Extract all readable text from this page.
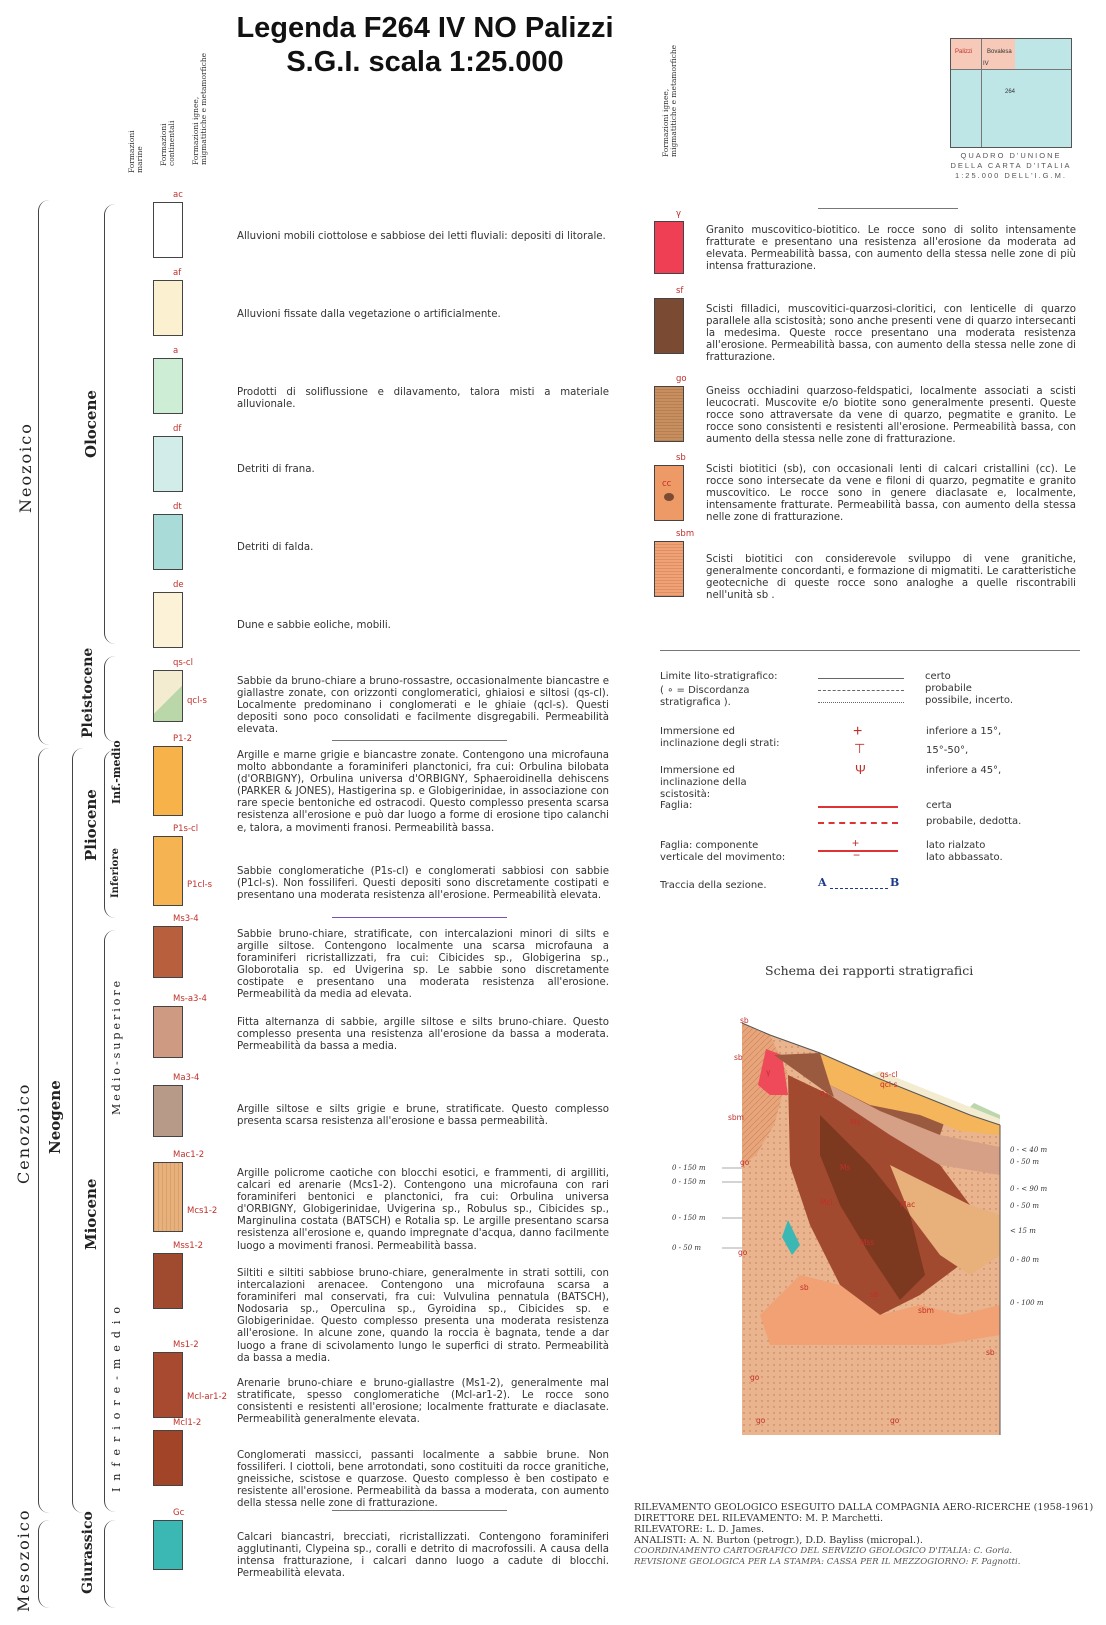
Legenda F264 IV NO Palizzi
S.G.I. scala 1:25.000
Formazioni marine Formazioni continentali Formazioni ignee, migmatitiche e metamorfiche	Formazioni ignee, migmatitiche e metamorfiche
Neozoico
Cenozoico
Mesozoico
Neogene
Olocene
Pleistocene
Pliocene
Inf.-medio
Inferiore
Miocene
Medio-superiore
Inferiore-medio
Giurassico
ac
Alluvioni mobili ciottolose e sabbiose dei letti fluviali: depositi di litorale.
af
Alluvioni fissate dalla vegetazione o artificialmente.
a
Prodotti di soliflussione e dilavamento, talora misti a materiale alluvionale.
df
Detriti di frana.
dt
Detriti di falda.
de
Dune e sabbie eoliche, mobili.
qs-cl
qcl-s
Sabbie da bruno-chiare a bruno-rossastre, occasionalmente biancastre e giallastre zonate, con orizzonti conglomeratici, ghiaiosi e siltosi (qs-cl). Localmente predominano i conglomerati e le ghiaie (qcl-s). Questi depositi sono poco consolidati e facilmente disgregabili. Permeabilità elevata.
P1-2
Argille e marne grigie e biancastre zonate. Contengono una microfauna molto abbondante a foraminiferi planctonici, fra cui: Orbulina bilobata (d'ORBIGNY), Orbulina universa d'ORBIGNY, Sphaeroidinella dehiscens (PARKER & JONES), Hastigerina sp. e Globigerinidae, in associazione con rare specie bentoniche ed ostracodi. Questo complesso presenta scarsa resistenza all'erosione e può dar luogo a forme di erosione tipo calanchi e, talora, a movimenti franosi. Permeabilità bassa.
P1s-cl
P1cl-s
Sabbie conglomeratiche (P1s-cl) e conglomerati sabbiosi con sabbie (P1cl-s). Non fossiliferi. Questi depositi sono discretamente costipati e presentano una moderata resistenza all'erosione. Permeabilità elevata.
Ms3-4
Sabbie bruno-chiare, stratificate, con intercalazioni minori di silts e argille siltose. Contengono localmente una scarsa microfauna a foraminiferi ricristallizzati, fra cui: Cibicides sp., Globigerina sp., Globorotalia sp. ed Uvigerina sp. Le sabbie sono discretamente costipate e presentano una moderata resistenza all'erosione. Permeabilità da media ad elevata.
Ms-a3-4
Fitta alternanza di sabbie, argille siltose e silts bruno-chiare. Questo complesso presenta una resistenza all'erosione da bassa a moderata. Permeabilità da bassa a media.
Ma3-4
Argille siltose e silts grigie e brune, stratificate. Questo complesso presenta scarsa resistenza all'erosione e bassa permeabilità.
Mac1-2
Mcs1-2
Argille policrome caotiche con blocchi esotici, e frammenti, di argilliti, calcari ed arenarie (Mcs1-2). Contengono una microfauna con rari foraminiferi bentonici e planctonici, fra cui: Orbulina universa d'ORBIGNY, Globigerinidae, Uvigerina sp., Robulus sp., Cibicides sp., Marginulina costata (BATSCH) e Rotalia sp. Le argille presentano scarsa resistenza all'erosione e, quando impregnate d'acqua, danno facilmente luogo a movimenti franosi. Permeabilità bassa.
Mss1-2
Siltiti e siltiti sabbiose bruno-chiare, generalmente in strati sottili, con intercalazioni arenacee. Contengono una microfauna scarsa a foraminiferi mal conservati, fra cui: Vulvulina pennatula (BATSCH), Nodosaria sp., Operculina sp., Gyroidina sp., Cibicides sp. e Globigerinidae. Questo complesso presenta una moderata resistenza all'erosione. In alcune zone, quando la roccia è bagnata, tende a dar luogo a frane di scivolamento lungo le superfici di strato. Permeabilità da bassa a media.
Ms1-2
Mcl-ar1-2
Arenarie bruno-chiare e bruno-giallastre (Ms1-2), generalmente mal stratificate, spesso conglomeratiche (Mcl-ar1-2). Le rocce sono consistenti e resistenti all'erosione; localmente fratturate e diaclasate. Permeabilità generalmente elevata.
Mcl1-2
Conglomerati massicci, passanti localmente a sabbie brune. Non fossiliferi. I ciottoli, bene arrotondati, sono costituiti da rocce granitiche, gneissiche, scistose e quarzose. Questo complesso è ben costipato e resistente all'erosione. Permeabilità da bassa a moderata, con aumento della stessa nelle zone di fratturazione.
Gc
Calcari biancastri, brecciati, ricristallizzati. Contengono foraminiferi agglutinanti, Clypeina sp., coralli e detrito di macrofossili. A causa della intensa fratturazione, i calcari danno luogo a cadute di blocchi. Permeabilità elevata.
γ
Granito muscovitico-biotitico. Le rocce sono di solito intensamente fratturate e presentano una resistenza all'erosione da moderata ad elevata. Permeabilità bassa, con aumento della stessa nelle zone di più intensa fratturazione.
sf
Scisti filladici, muscovitici-quarzosi-cloritici, con lenticelle di quarzo parallele alla scistosità; sono anche presenti vene di quarzo intersecanti la medesima. Queste rocce presentano una moderata resistenza all'erosione. Permeabilità bassa, con aumento della stessa nelle zone di fratturazione.
go
Gneiss occhiadini quarzoso-feldspatici, localmente associati a scisti leucocrati. Muscovite e/o biotite sono generalmente presenti. Queste rocce sono attraversate da vene di quarzo, pegmatite e granito. Le rocce sono consistenti e resistenti all'erosione. Permeabilità bassa, con aumento della stessa nelle zone di fratturazione.
sb
cc
Scisti biotitici (sb), con occasionali lenti di calcari cristallini (cc). Le rocce sono intersecate da vene e filoni di quarzo, pegmatite e granito muscovitico. Le rocce sono in genere diaclasate e, localmente, intensamente fratturate. Permeabilità bassa, con aumento della stessa nelle zone di fratturazione.
sbm
Scisti biotitici con considerevole sviluppo di vene granitiche, generalmente concordanti, e formazione di migmatiti. Le caratteristiche geotecniche di queste rocce sono analoghe a quelle riscontrabili nell'unità sb .
Palizzi Bovalesa
264
IV
QUADRO D'UNIONE DELLA CARTA D'ITALIA 1:25.000 DELL'I.G.M.
Limite lito-stratigrafico:
( ∘ = Discordanza stratigrafica ).
certo
probabile
possibile, incerto.
Immersione ed inclinazione degli strati:
+
⊤
inferiore a 15°,
15°-50°,
Immersione ed inclinazione della scistosità:
Ψ	inferiore a 45°,
Faglia:	certa
probabile, dedotta.
Faglia: componente verticale del movimento:
+
−
lato rialzato
lato abbassato.
Traccia della sezione.	A	B
Schema dei rapporti stratigrafici
0 - 150 m
0 - 150 m
0 - 150 m
0 - 50 m
0 - < 40 m
0 - 50 m
0 - < 90 m
0 - 50 m
< 15 m
0 - 80 m
0 - 100 m
sb
sb
sbm
go
go
go
go	go
sb
sb
sb
sbm
γ
P1
Ms
Ms
Mac
Mss
Mcl
qs-cl
qcl-s
RILEVAMENTO GEOLOGICO ESEGUITO DALLA COMPAGNIA AERO-RICERCHE (1958-1961)
DIRETTORE DEL RILEVAMENTO: M. P. Marchetti.
RILEVATORE: L. D. James.
ANALISTI: A. N. Burton (petrogr.), D.D. Bayliss (micropal.).
COORDINAMENTO CARTOGRAFICO DEL SERVIZIO GEOLOGICO D'ITALIA: C. Goria.
REVISIONE GEOLOGICA PER LA STAMPA: CASSA PER IL MEZZOGIORNO: F. Pagnotti.
